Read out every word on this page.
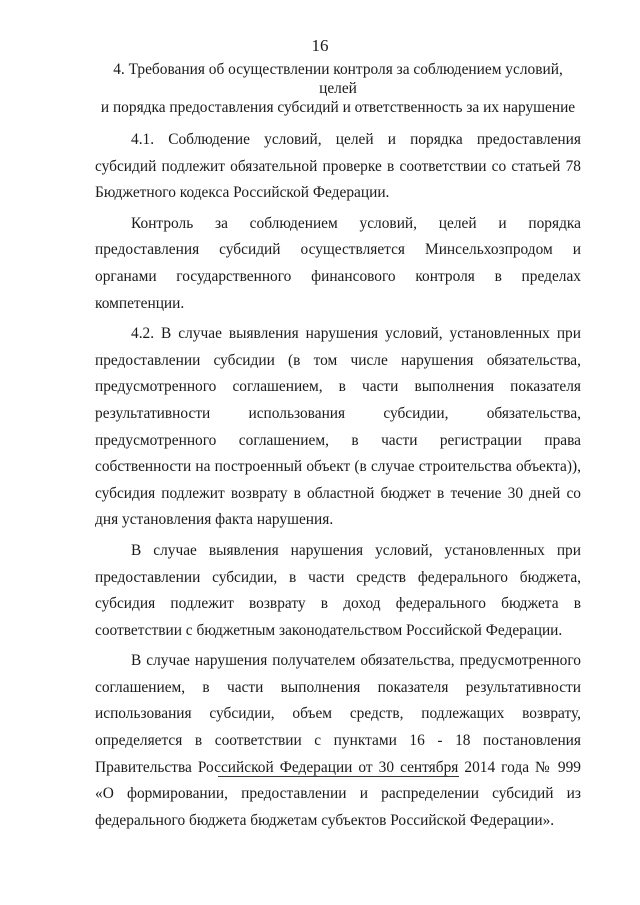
16
4. Требования об осуществлении контроля за соблюдением условий, целей
и порядка предоставления субсидий и ответственность за их нарушение

4.1. Соблюдение условий, целей и порядка предоставления субсидий подлежит обязательной проверке в соответствии со статьей 78 Бюджетного кодекса Российской Федерации.

Контроль за соблюдением условий, целей и порядка предоставления субсидий осуществляется Минсельхозпродом и органами государственного финансового контроля в пределах компетенции.

4.2. В случае выявления нарушения условий, установленных при предоставлении субсидии (в том числе нарушения обязательства, предусмотренного соглашением, в части выполнения показателя результативности использования субсидии, обязательства, предусмотренного соглашением, в части регистрации права собственности на построенный объект (в случае строительства объекта)), субсидия подлежит возврату в областной бюджет в течение 30 дней со дня установления факта нарушения.

В случае выявления нарушения условий, установленных при предоставлении субсидии, в части средств федерального бюджета, субсидия подлежит возврату в доход федерального бюджета в соответствии с бюджетным законодательством Российской Федерации.

В случае нарушения получателем обязательства, предусмотренного соглашением, в части выполнения показателя результативности использования субсидии, объем средств, подлежащих возврату, определяется в соответствии с пунктами 16 - 18 постановления Правительства Российской Федерации от 30 сентября 2014 года № 999 «О формировании, предоставлении и распределении субсидий из федерального бюджета бюджетам субъектов Российской Федерации».
